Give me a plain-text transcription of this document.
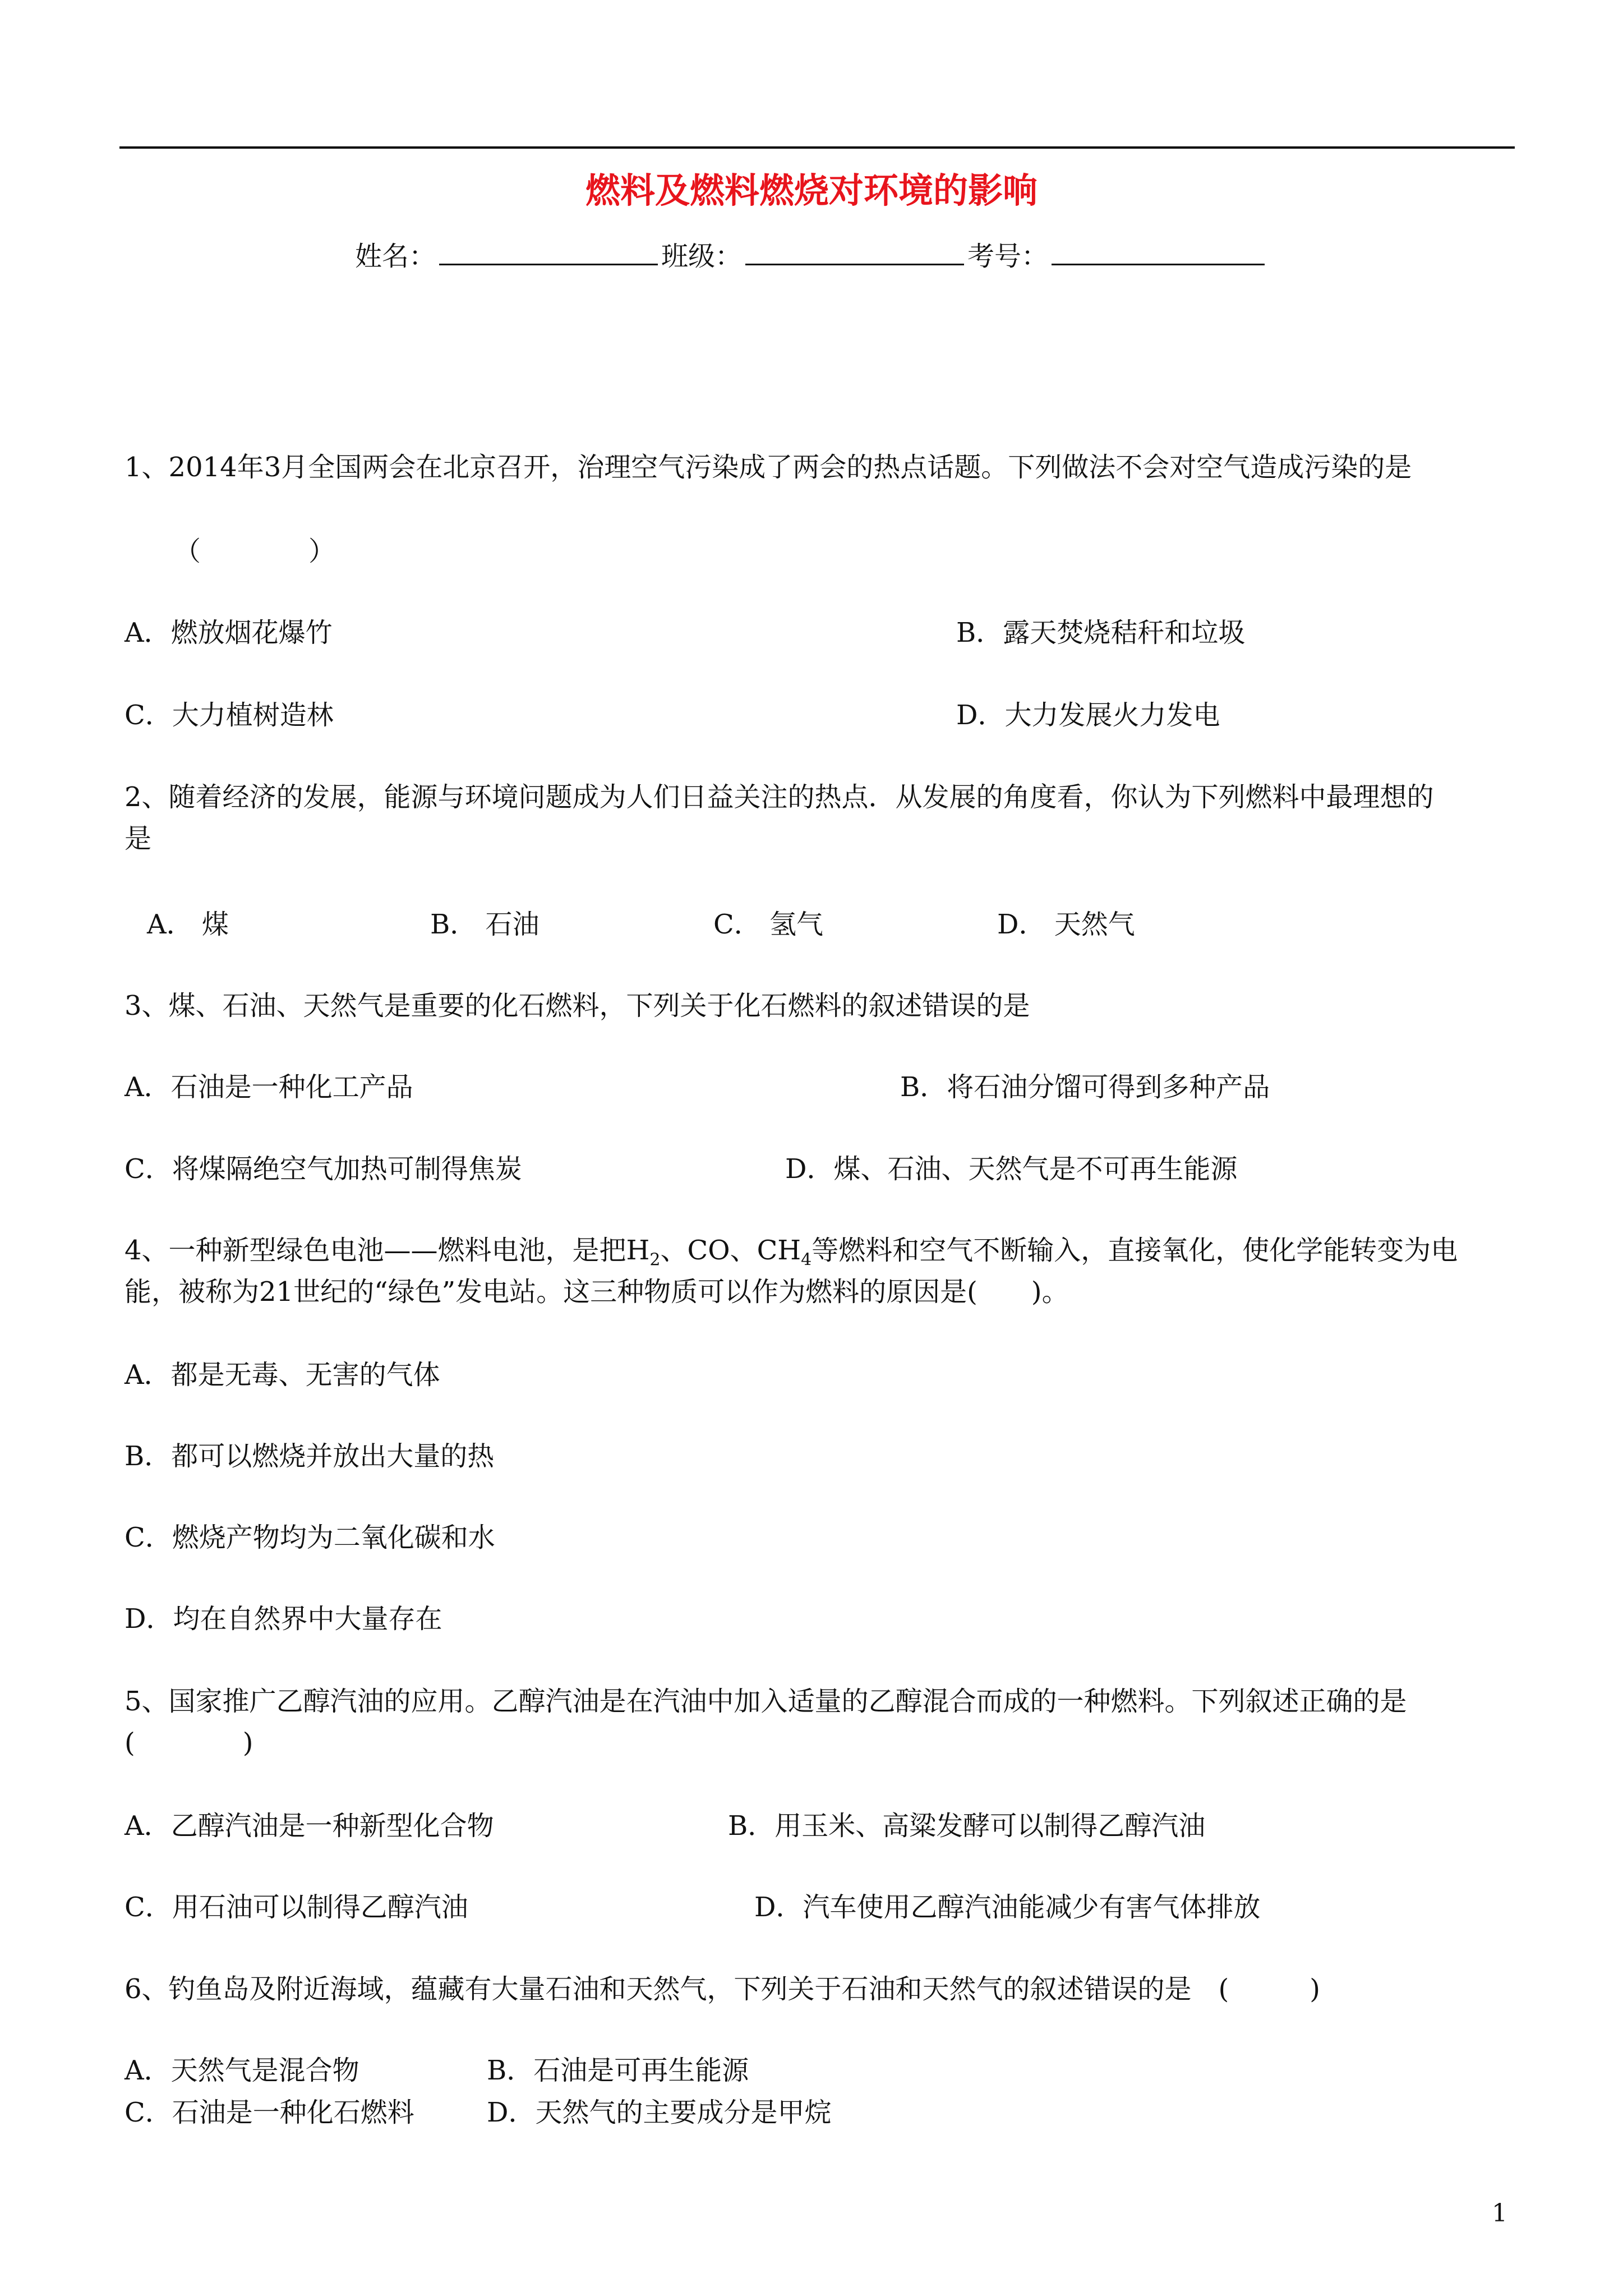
燃料及燃料燃烧对环境的影响
姓名：	班级：	考号：
1、2014年3月全国两会在北京召开，治理空气污染成了两会的热点话题。下列做法不会对空气造成污染的是
（　　　　）
A．燃放烟花爆竹	B．露天焚烧秸秆和垃圾
C．大力植树造林	D．大力发展火力发电
2、随着经济的发展，能源与环境问题成为人们日益关注的热点．从发展的角度看，你认为下列燃料中最理想的
是
A． 煤	B． 石油	C． 氢气	D． 天然气
3、煤、石油、天然气是重要的化石燃料，下列关于化石燃料的叙述错误的是
A．石油是一种化工产品	B．将石油分馏可得到多种产品
C．将煤隔绝空气加热可制得焦炭	D．煤、石油、天然气是不可再生能源
4、一种新型绿色电池——燃料电池，是把$H_2$、CO、$CH_4$等燃料和空气不断输入，直接氧化，使化学能转变为电
能，被称为21世纪的“绿色”发电站。这三种物质可以作为燃料的原因是(　　)。
A．都是无毒、无害的气体
B．都可以燃烧并放出大量的热
C．燃烧产物均为二氧化碳和水
D．均在自然界中大量存在
5、国家推广乙醇汽油的应用。乙醇汽油是在汽油中加入适量的乙醇混合而成的一种燃料。下列叙述正确的是
(　　　　)
A．乙醇汽油是一种新型化合物	B．用玉米、高粱发酵可以制得乙醇汽油
C．用石油可以制得乙醇汽油	D．汽车使用乙醇汽油能减少有害气体排放
6、钓鱼岛及附近海域，蕴藏有大量石油和天然气，下列关于石油和天然气的叙述错误的是　(　　　)
A．天然气是混合物	B．石油是可再生能源
C．石油是一种化石燃料	D．天然气的主要成分是甲烷
1
